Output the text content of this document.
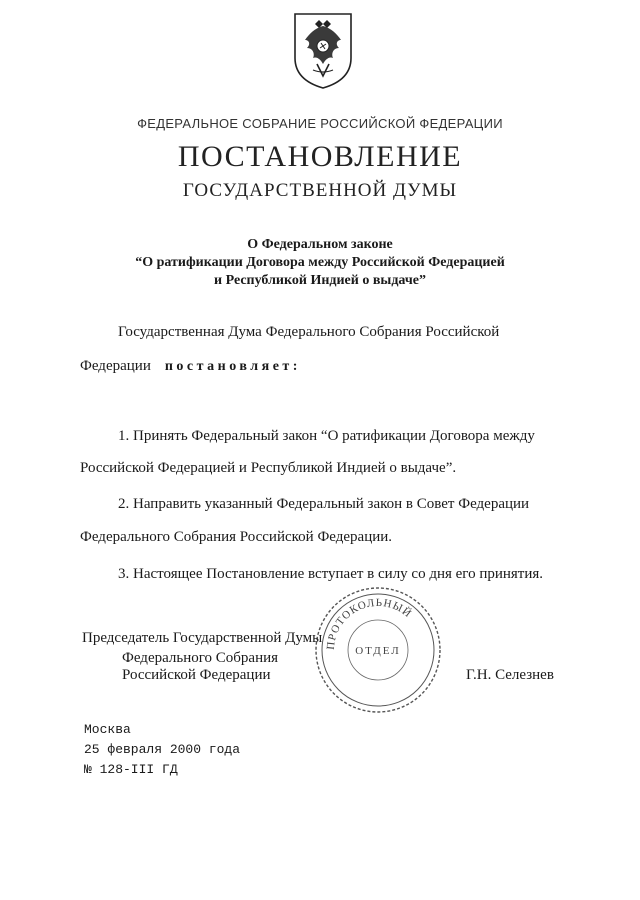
ФЕДЕРАЛЬНОЕ СОБРАНИЕ РОССИЙСКОЙ ФЕДЕРАЦИИ
ПОСТАНОВЛЕНИЕ
ГОСУДАРСТВЕННОЙ ДУМЫ
О Федеральном законе
“О ратификации Договора между Российской Федерацией
и Республикой Индией о выдаче”
Государственная Дума Федерального Собрания Российской
Федерации постановляет:
1. Принять Федеральный закон “О ратификации Договора между
Российской Федерацией и Республикой Индией о выдаче”.
2. Направить указанный Федеральный закон в Совет Федерации
Федерального Собрания Российской Федерации.
3. Настоящее Постановление вступает в силу со дня его принятия.
ПРОТОКОЛЬНЫЙ
ОТДЕЛ
Председатель Государственной Думы
Федерального Собрания
Российской Федерации	Г.Н. Селезнев
Москва
25 февраля 2000 года
№ 128-III ГД
